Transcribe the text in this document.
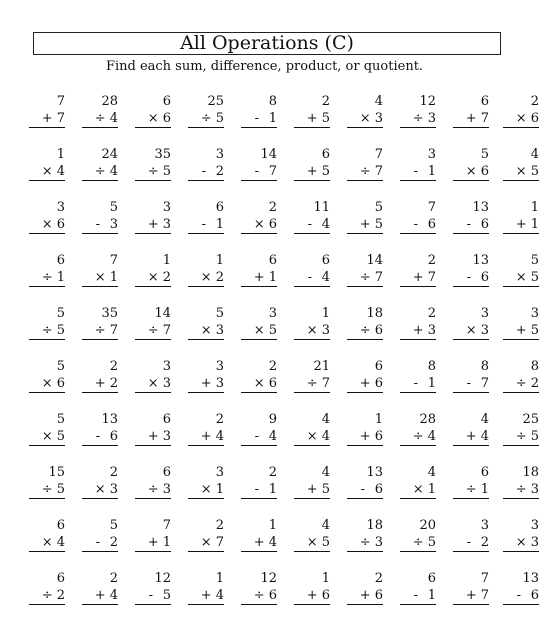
All Operations (C)
Find each sum, difference, product, or quotient.
7
+ 7
28
÷ 4
6
× 6
25
÷ 5
8
- 1
2
+ 5
4
× 3
12
÷ 3
6
+ 7
2
× 6
1
× 4
24
÷ 4
35
÷ 5
3
- 2
14
- 7
6
+ 5
7
÷ 7
3
- 1
5
× 6
4
× 5
3
× 6
5
- 3
3
+ 3
6
- 1
2
× 6
11
- 4
5
+ 5
7
- 6
13
- 6
1
+ 1
6
÷ 1
7
× 1
1
× 2
1
× 2
6
+ 1
6
- 4
14
÷ 7
2
+ 7
13
- 6
5
× 5
5
÷ 5
35
÷ 7
14
÷ 7
5
× 3
3
× 5
1
× 3
18
÷ 6
2
+ 3
3
× 3
3
+ 5
5
× 6
2
+ 2
3
× 3
3
+ 3
2
× 6
21
÷ 7
6
+ 6
8
- 1
8
- 7
8
÷ 2
5
× 5
13
- 6
6
+ 3
2
+ 4
9
- 4
4
× 4
1
+ 6
28
÷ 4
4
+ 4
25
÷ 5
15
÷ 5
2
× 3
6
÷ 3
3
× 1
2
- 1
4
+ 5
13
- 6
4
× 1
6
÷ 1
18
÷ 3
6
× 4
5
- 2
7
+ 1
2
× 7
1
+ 4
4
× 5
18
÷ 3
20
÷ 5
3
- 2
3
× 3
6
÷ 2
2
+ 4
12
- 5
1
+ 4
12
÷ 6
1
+ 6
2
+ 6
6
- 1
7
+ 7
13
- 6
